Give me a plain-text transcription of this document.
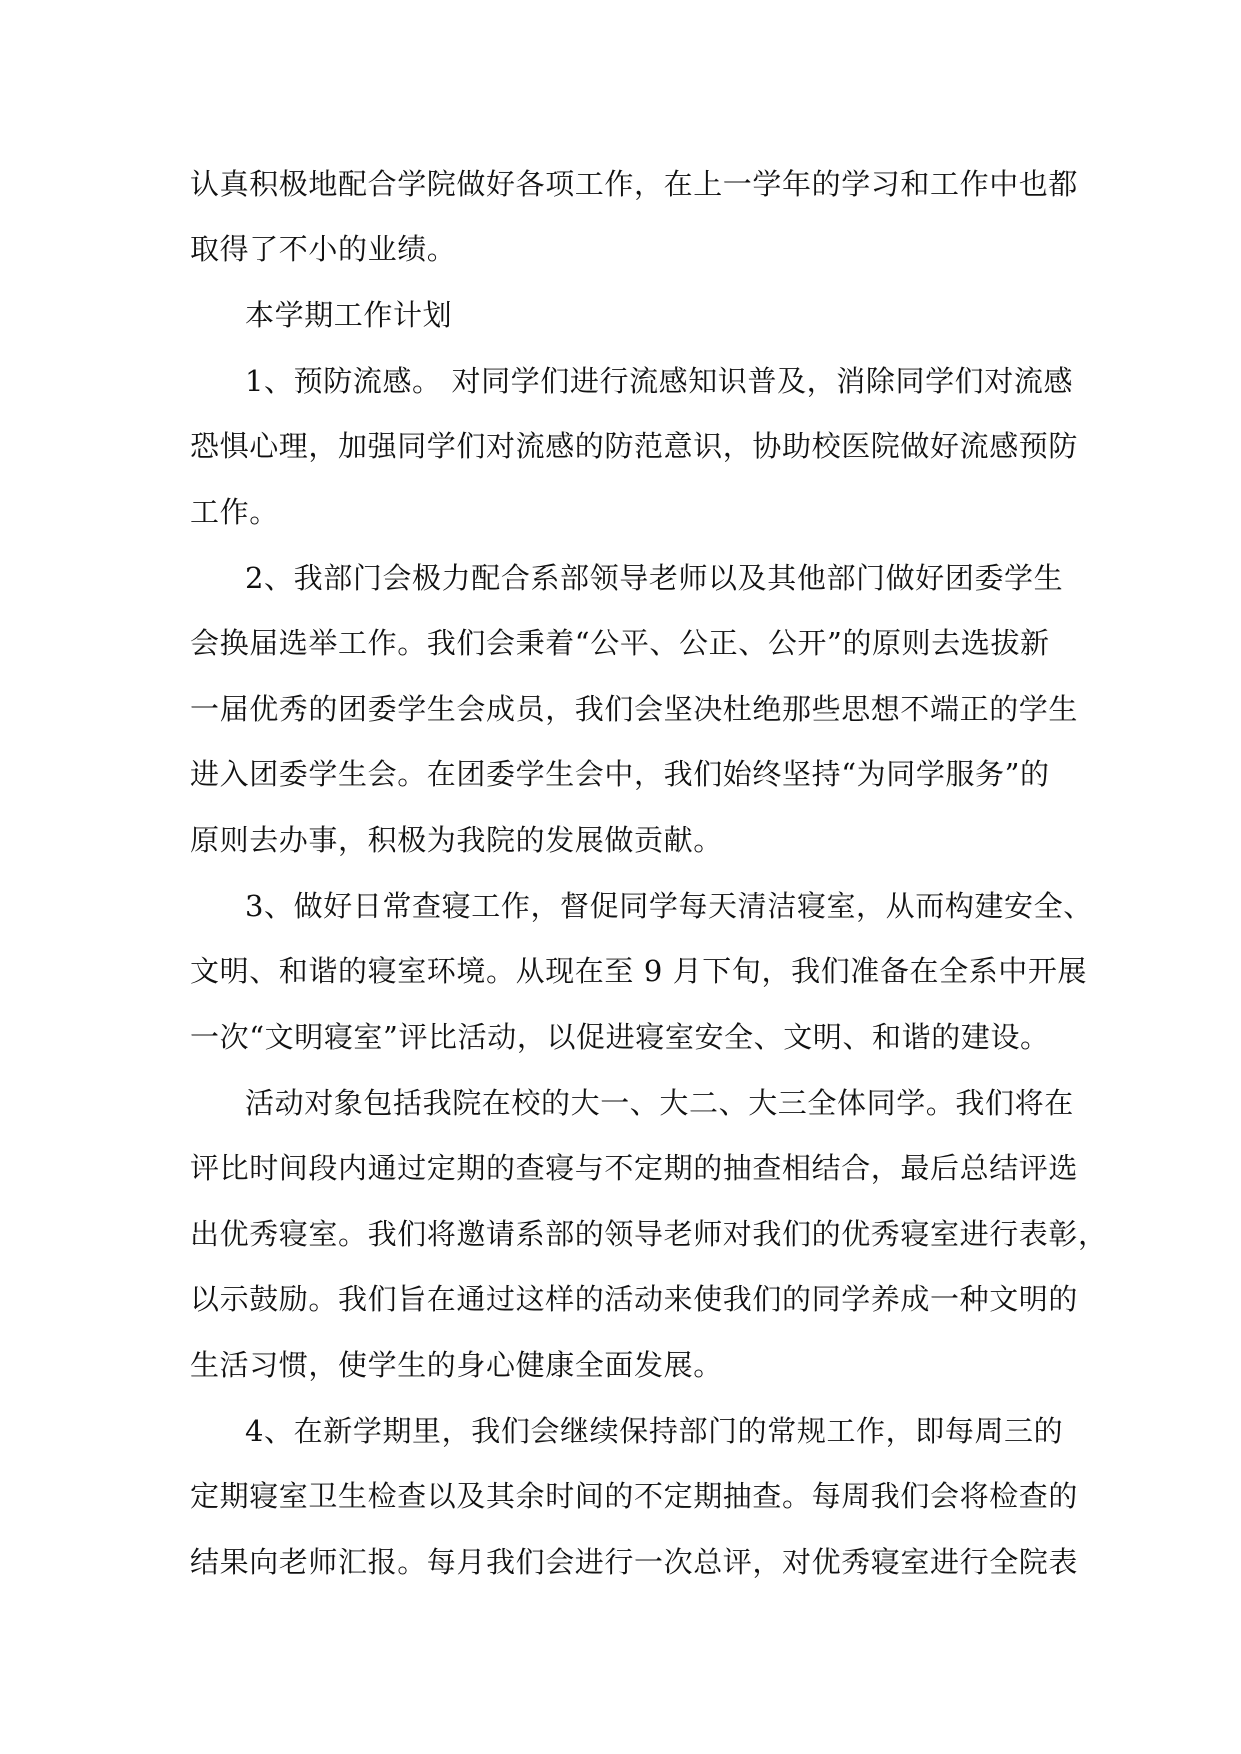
认真积极地配合学院做好各项工作，在上一学年的学习和工作中也都
取得了不小的业绩。
本学期工作计划
1、预防流感。 对同学们进行流感知识普及，消除同学们对流感
恐惧心理，加强同学们对流感的防范意识，协助校医院做好流感预防
工作。
2、我部门会极力配合系部领导老师以及其他部门做好团委学生
会换届选举工作。我们会秉着“公平、公正、公开”的原则去选拔新
一届优秀的团委学生会成员，我们会坚决杜绝那些思想不端正的学生
进入团委学生会。在团委学生会中，我们始终坚持“为同学服务”的
原则去办事，积极为我院的发展做贡献。
3、做好日常查寝工作，督促同学每天清洁寝室，从而构建安全、
文明、和谐的寝室环境。从现在至 9 月下旬，我们准备在全系中开展
一次“文明寝室”评比活动，以促进寝室安全、文明、和谐的建设。
活动对象包括我院在校的大一、大二、大三全体同学。我们将在
评比时间段内通过定期的查寝与不定期的抽查相结合，最后总结评选
出优秀寝室。我们将邀请系部的领导老师对我们的优秀寝室进行表彰，
以示鼓励。我们旨在通过这样的活动来使我们的同学养成一种文明的
生活习惯，使学生的身心健康全面发展。
4、在新学期里，我们会继续保持部门的常规工作，即每周三的
定期寝室卫生检查以及其余时间的不定期抽查。每周我们会将检查的
结果向老师汇报。每月我们会进行一次总评，对优秀寝室进行全院表
